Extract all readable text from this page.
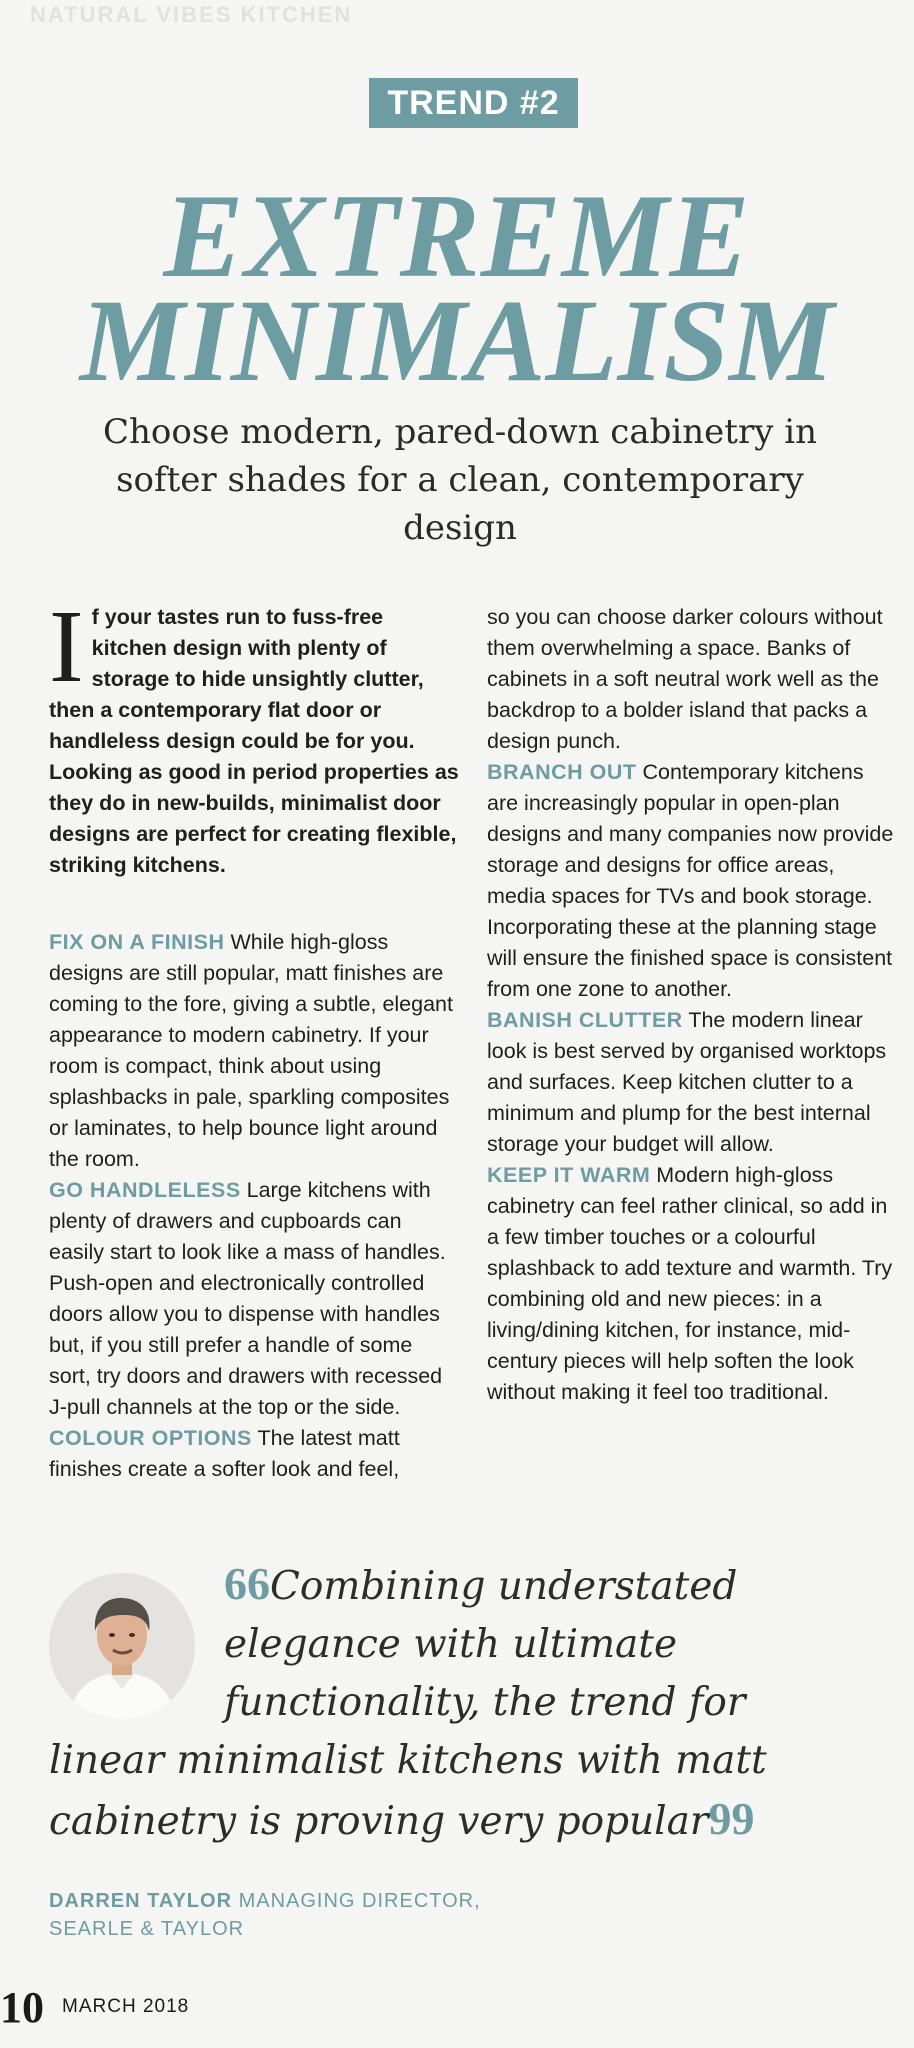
NATURAL VIBES KITCHEN
TREND #2
EXTREME
MINIMALISM
Choose modern, pared-down cabinetry in softer shades for a clean, contemporary design

If your tastes run to fuss-free kitchen design with plenty of storage to hide unsightly clutter, then a contemporary flat door or handleless design could be for you. Looking as good in period properties as they do in new-builds, minimalist door designs are perfect for creating flexible, striking kitchens.

FIX ON A FINISH While high-gloss designs are still popular, matt finishes are coming to the fore, giving a subtle, elegant appearance to modern cabinetry. If your room is compact, think about using splashbacks in pale, sparkling composites or laminates, to help bounce light around the room.

GO HANDLELESS Large kitchens with plenty of drawers and cupboards can easily start to look like a mass of handles. Push-open and electronically controlled doors allow you to dispense with handles but, if you still prefer a handle of some sort, try doors and drawers with recessed J-pull channels at the top or the side.

COLOUR OPTIONS The latest matt finishes create a softer look and feel,

so you can choose darker colours without them overwhelming a space. Banks of cabinets in a soft neutral work well as the backdrop to a bolder island that packs a design punch.

BRANCH OUT Contemporary kitchens are increasingly popular in open-plan designs and many companies now provide storage and designs for office areas, media spaces for TVs and book storage. Incorporating these at the planning stage will ensure the finished space is consistent from one zone to another.

BANISH CLUTTER The modern linear look is best served by organised worktops and surfaces. Keep kitchen clutter to a minimum and plump for the best internal storage your budget will allow.

KEEP IT WARM Modern high-gloss cabinetry can feel rather clinical, so add in a few timber touches or a colourful splashback to add texture and warmth. Try combining old and new pieces: in a living/dining kitchen, for instance, mid-century pieces will help soften the look without making it feel too traditional.

66Combining understated
elegance with ultimate
functionality, the trend for
linear minimalist kitchens with matt
cabinetry is proving very popular99
DARREN TAYLOR MANAGING DIRECTOR,
SEARLE & TAYLOR
10 MARCH 2018
